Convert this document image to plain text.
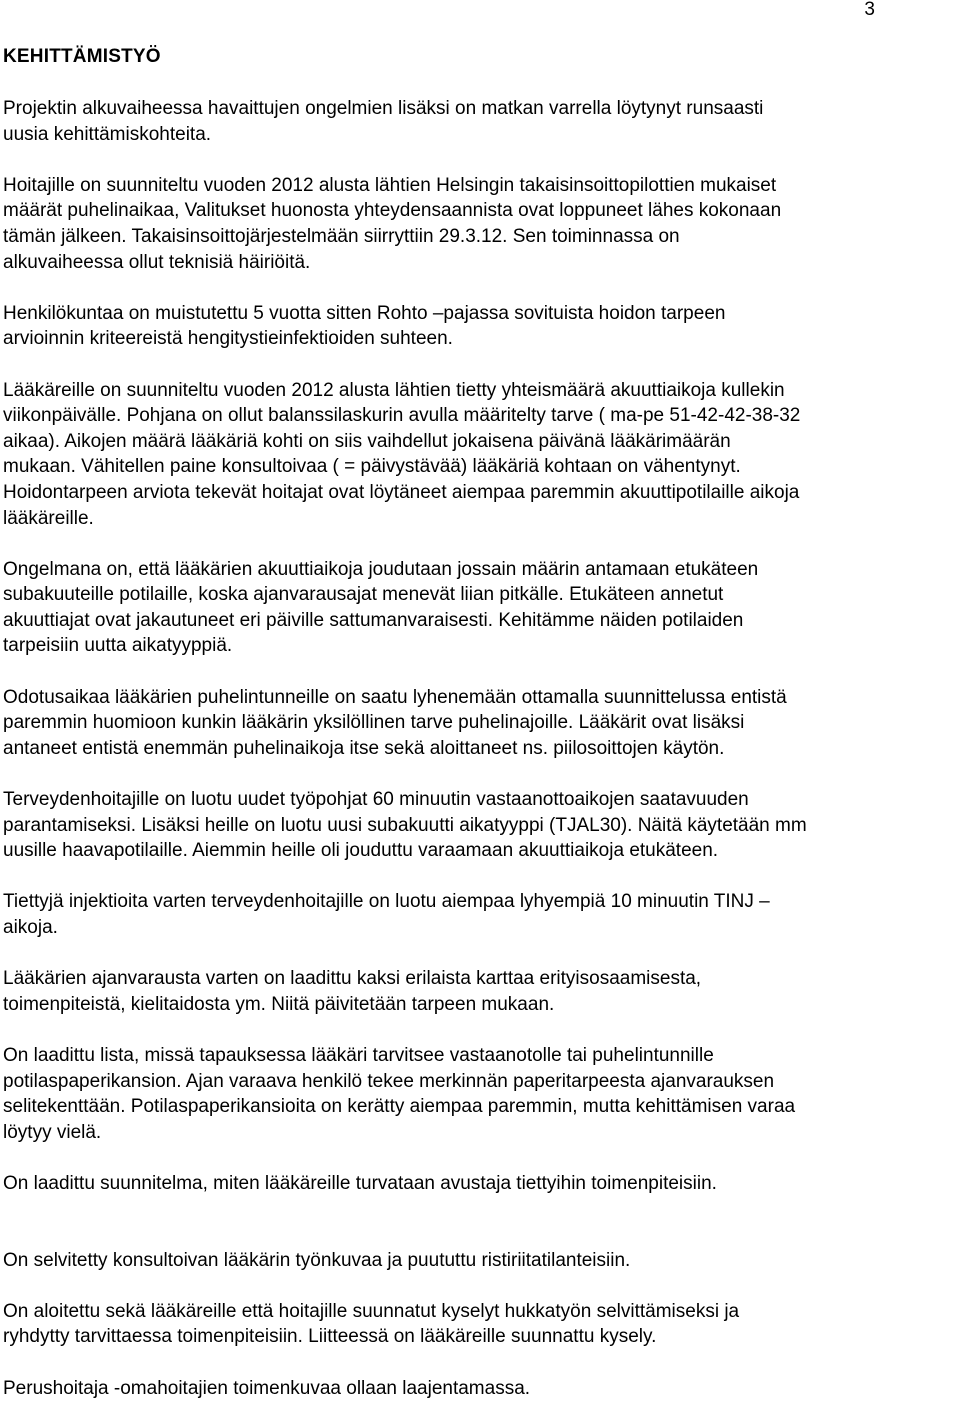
3
KEHITTÄMISTYÖ

Projektin alkuvaiheessa havaittujen ongelmien lisäksi on matkan varrella löytynyt runsaasti
uusia kehittämiskohteita.

Hoitajille on suunniteltu vuoden 2012 alusta lähtien Helsingin takaisinsoittopilottien mukaiset
määrät puhelinaikaa, Valitukset huonosta yhteydensaannista ovat loppuneet lähes kokonaan
tämän jälkeen. Takaisinsoittojärjestelmään siirryttiin 29.3.12. Sen toiminnassa on
alkuvaiheessa ollut teknisiä häiriöitä.

Henkilökuntaa on muistutettu 5 vuotta sitten Rohto –pajassa sovituista hoidon tarpeen
arvioinnin kriteereistä hengitystieinfektioiden suhteen.

Lääkäreille on suunniteltu vuoden 2012 alusta lähtien tietty yhteismäärä akuuttiaikoja kullekin
viikonpäivälle. Pohjana on ollut balanssilaskurin avulla määritelty tarve ( ma-pe 51-42-42-38-32
aikaa). Aikojen määrä lääkäriä kohti on siis vaihdellut jokaisena päivänä lääkärimäärän
mukaan. Vähitellen paine konsultoivaa ( = päivystävää) lääkäriä kohtaan on vähentynyt.
Hoidontarpeen arviota tekevät hoitajat ovat löytäneet aiempaa paremmin akuuttipotilaille aikoja
lääkäreille.

Ongelmana on, että lääkärien akuuttiaikoja joudutaan jossain määrin antamaan etukäteen
subakuuteille potilaille, koska ajanvarausajat menevät liian pitkälle. Etukäteen annetut
akuuttiajat ovat jakautuneet eri päiville sattumanvaraisesti. Kehitämme näiden potilaiden
tarpeisiin uutta aikatyyppiä.

Odotusaikaa lääkärien puhelintunneille on saatu lyhenemään ottamalla suunnittelussa entistä
paremmin huomioon kunkin lääkärin yksilöllinen tarve puhelinajoille. Lääkärit ovat lisäksi
antaneet entistä enemmän puhelinaikoja itse sekä aloittaneet ns. piilosoittojen käytön.

Terveydenhoitajille on luotu uudet työpohjat 60 minuutin vastaanottoaikojen saatavuuden
parantamiseksi. Lisäksi heille on luotu uusi subakuutti aikatyyppi (TJAL30). Näitä käytetään mm
uusille haavapotilaille. Aiemmin heille oli jouduttu varaamaan akuuttiaikoja etukäteen.

Tiettyjä injektioita varten terveydenhoitajille on luotu aiempaa lyhyempiä 10 minuutin TINJ –
aikoja.

Lääkärien ajanvarausta varten on laadittu kaksi erilaista karttaa erityisosaamisesta,
toimenpiteistä, kielitaidosta ym. Niitä päivitetään tarpeen mukaan.

On laadittu lista, missä tapauksessa lääkäri tarvitsee vastaanotolle tai puhelintunnille
potilaspaperikansion. Ajan varaava henkilö tekee merkinnän paperitarpeesta ajanvarauksen
selitekenttään. Potilaspaperikansioita on kerätty aiempaa paremmin, mutta kehittämisen varaa
löytyy vielä.

On laadittu suunnitelma, miten lääkäreille turvataan avustaja tiettyihin toimenpiteisiin.

On selvitetty konsultoivan lääkärin työnkuvaa ja puututtu ristiriitatilanteisiin.

On aloitettu sekä lääkäreille että hoitajille suunnatut kyselyt hukkatyön selvittämiseksi ja
ryhdytty tarvittaessa toimenpiteisiin. Liitteessä on lääkäreille suunnattu kysely.

Perushoitaja -omahoitajien toimenkuvaa ollaan laajentamassa.
